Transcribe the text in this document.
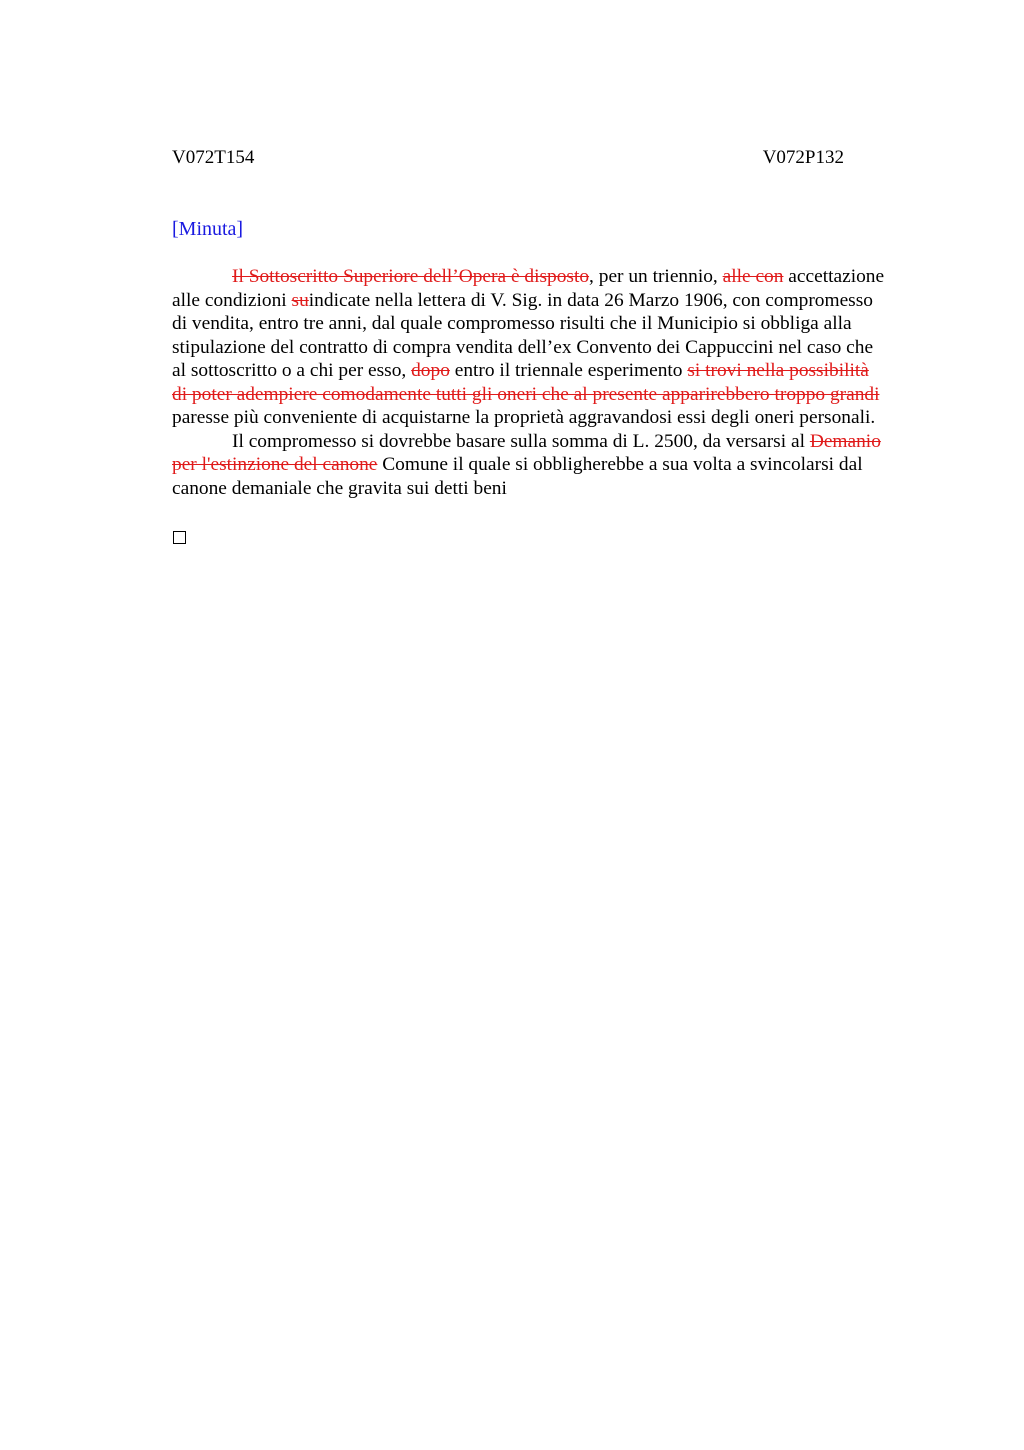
V072T154	V072P132
[Minuta]
Il Sottoscritto Superiore dell’Opera è disposto, per un triennio, alle con accettazione
alle condizioni suindicate nella lettera di V. Sig. in data 26 Marzo 1906, con compromesso
di vendita, entro tre anni, dal quale compromesso risulti che il Municipio si obbliga alla
stipulazione del contratto di compra vendita dell’ex Convento dei Cappuccini nel caso che
al sottoscritto o a chi per esso, dopo entro il triennale esperimento si trovi nella possibilità
di poter adempiere comodamente tutti gli oneri che al presente apparirebbero troppo grandi
paresse più conveniente di acquistarne la proprietà aggravandosi essi degli oneri personali.
Il compromesso si dovrebbe basare sulla somma di L. 2500, da versarsi al Demanio
per l'estinzione del canone Comune il quale si obbligherebbe a sua volta a svincolarsi dal
canone demaniale che gravita sui detti beni
